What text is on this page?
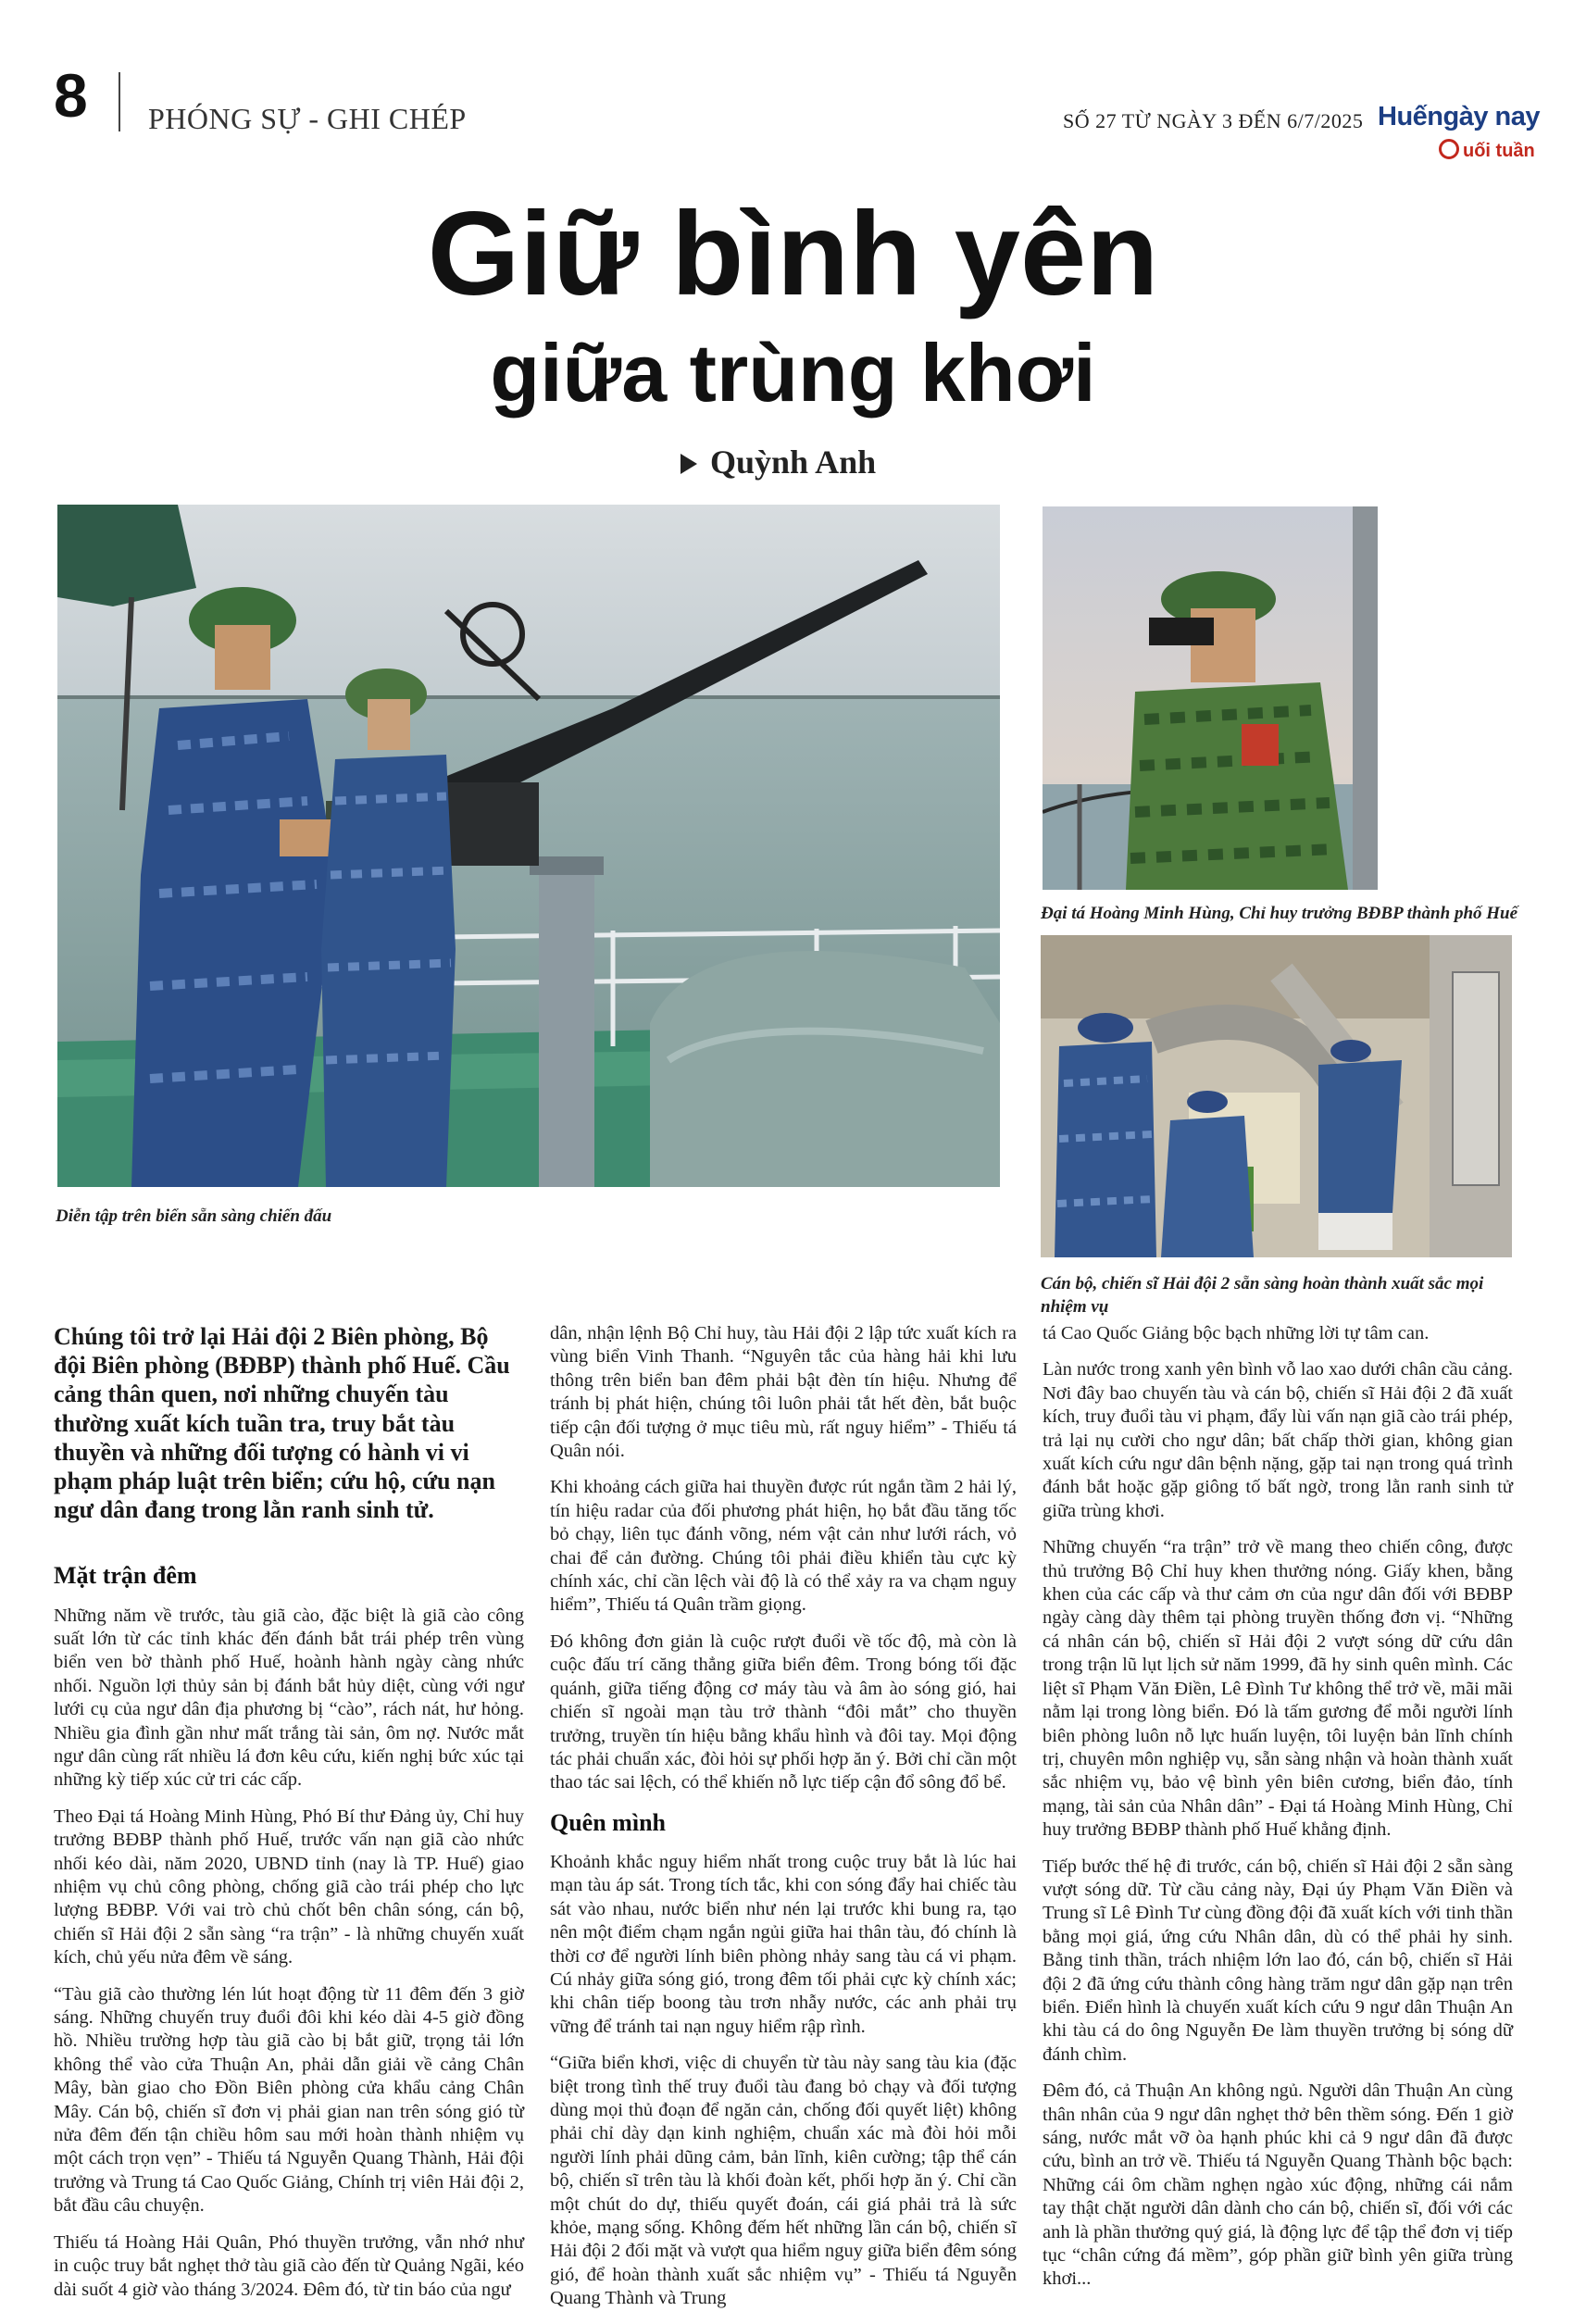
8 PHÓNG SỰ - GHI CHÉP	SỐ 27 TỪ NGÀY 3 ĐẾN 6/7/2025 Huếngày nay
uối tuần
Giữ bình yên
giữa trùng khơi
Quỳnh Anh
Diễn tập trên biển sẵn sàng chiến đấu
Đại tá Hoàng Minh Hùng, Chỉ huy trưởng BĐBP thành phố Huế
Cán bộ, chiến sĩ Hải đội 2 sẵn sàng hoàn thành xuất sắc mọi nhiệm vụ

Chúng tôi trở lại Hải đội 2 Biên phòng, Bộ đội Biên phòng (BĐBP) thành phố Huế. Cầu cảng thân quen, nơi những chuyến tàu thường xuất kích tuần tra, truy bắt tàu thuyền và những đối tượng có hành vi vi phạm pháp luật trên biển; cứu hộ, cứu nạn ngư dân đang trong lằn ranh sinh tử.

Mặt trận đêm

Những năm về trước, tàu giã cào, đặc biệt là giã cào công suất lớn từ các tỉnh khác đến đánh bắt trái phép trên vùng biển ven bờ thành phố Huế, hoành hành ngày càng nhức nhối. Nguồn lợi thủy sản bị đánh bắt hủy diệt, cùng với ngư lưới cụ của ngư dân địa phương bị “cào”, rách nát, hư hỏng. Nhiều gia đình gần như mất trắng tài sản, ôm nợ. Nước mắt ngư dân cùng rất nhiều lá đơn kêu cứu, kiến nghị bức xúc tại những kỳ tiếp xúc cử tri các cấp.

Theo Đại tá Hoàng Minh Hùng, Phó Bí thư Đảng ủy, Chỉ huy trưởng BĐBP thành phố Huế, trước vấn nạn giã cào nhức nhối kéo dài, năm 2020, UBND tỉnh (nay là TP. Huế) giao nhiệm vụ chủ công phòng, chống giã cào trái phép cho lực lượng BĐBP. Với vai trò chủ chốt bên chân sóng, cán bộ, chiến sĩ Hải đội 2 sẵn sàng “ra trận” - là những chuyến xuất kích, chủ yếu nửa đêm về sáng.

“Tàu giã cào thường lén lút hoạt động từ 11 đêm đến 3 giờ sáng. Những chuyến truy đuổi đôi khi kéo dài 4-5 giờ đồng hồ. Nhiều trường hợp tàu giã cào bị bắt giữ, trọng tải lớn không thể vào cửa Thuận An, phải dẫn giải về cảng Chân Mây, bàn giao cho Đồn Biên phòng cửa khẩu cảng Chân Mây. Cán bộ, chiến sĩ đơn vị phải gian nan trên sóng gió từ nửa đêm đến tận chiều hôm sau mới hoàn thành nhiệm vụ một cách trọn vẹn” - Thiếu tá Nguyễn Quang Thành, Hải đội trưởng và Trung tá Cao Quốc Giảng, Chính trị viên Hải đội 2, bắt đầu câu chuyện.

Thiếu tá Hoàng Hải Quân, Phó thuyền trưởng, vẫn nhớ như in cuộc truy bắt nghẹt thở tàu giã cào đến từ Quảng Ngãi, kéo dài suốt 4 giờ vào tháng 3/2024. Đêm đó, từ tin báo của ngư

dân, nhận lệnh Bộ Chỉ huy, tàu Hải đội 2 lập tức xuất kích ra vùng biển Vinh Thanh. “Nguyên tắc của hàng hải khi lưu thông trên biển ban đêm phải bật đèn tín hiệu. Nhưng để tránh bị phát hiện, chúng tôi luôn phải tắt hết đèn, bắt buộc tiếp cận đối tượng ở mục tiêu mù, rất nguy hiểm” - Thiếu tá Quân nói.

Khi khoảng cách giữa hai thuyền được rút ngắn tầm 2 hải lý, tín hiệu radar của đối phương phát hiện, họ bắt đầu tăng tốc bỏ chạy, liên tục đánh võng, ném vật cản như lưới rách, vỏ chai để cản đường. Chúng tôi phải điều khiển tàu cực kỳ chính xác, chỉ cần lệch vài độ là có thể xảy ra va chạm nguy hiểm”, Thiếu tá Quân trầm giọng.

Đó không đơn giản là cuộc rượt đuổi về tốc độ, mà còn là cuộc đấu trí căng thẳng giữa biển đêm. Trong bóng tối đặc quánh, giữa tiếng động cơ máy tàu và âm ào sóng gió, hai chiến sĩ ngoài mạn tàu trở thành “đôi mắt” cho thuyền trưởng, truyền tín hiệu bằng khẩu hình và đôi tay. Mọi động tác phải chuẩn xác, đòi hỏi sự phối hợp ăn ý. Bởi chỉ cần một thao tác sai lệch, có thể khiến nỗ lực tiếp cận đổ sông đổ bể.

Quên mình

Khoảnh khắc nguy hiểm nhất trong cuộc truy bắt là lúc hai mạn tàu áp sát. Trong tích tắc, khi con sóng đẩy hai chiếc tàu sát vào nhau, nước biển như nén lại trước khi bung ra, tạo nên một điểm chạm ngắn ngủi giữa hai thân tàu, đó chính là thời cơ để người lính biên phòng nhảy sang tàu cá vi phạm. Cú nhảy giữa sóng gió, trong đêm tối phải cực kỳ chính xác; khi chân tiếp boong tàu trơn nhẫy nước, các anh phải trụ vững để tránh tai nạn nguy hiểm rập rình.

“Giữa biển khơi, việc di chuyển từ tàu này sang tàu kia (đặc biệt trong tình thế truy đuổi tàu đang bỏ chạy và đối tượng dùng mọi thủ đoạn để ngăn cản, chống đối quyết liệt) không phải chỉ dày dạn kinh nghiệm, chuẩn xác mà đòi hỏi mỗi người lính phải dũng cảm, bản lĩnh, kiên cường; tập thể cán bộ, chiến sĩ trên tàu là khối đoàn kết, phối hợp ăn ý. Chỉ cần một chút do dự, thiếu quyết đoán, cái giá phải trả là sức khỏe, mạng sống. Không đếm hết những lần cán bộ, chiến sĩ Hải đội 2 đối mặt và vượt qua hiểm nguy giữa biển đêm sóng gió, để hoàn thành xuất sắc nhiệm vụ” - Thiếu tá Nguyễn Quang Thành và Trung

tá Cao Quốc Giảng bộc bạch những lời tự tâm can.

Làn nước trong xanh yên bình vỗ lao xao dưới chân cầu cảng. Nơi đây bao chuyến tàu và cán bộ, chiến sĩ Hải đội 2 đã xuất kích, truy đuổi tàu vi phạm, đẩy lùi vấn nạn giã cào trái phép, trả lại nụ cười cho ngư dân; bất chấp thời gian, không gian xuất kích cứu ngư dân bệnh nặng, gặp tai nạn trong quá trình đánh bắt hoặc gặp giông tố bất ngờ, trong lằn ranh sinh tử giữa trùng khơi.

Những chuyến “ra trận” trở về mang theo chiến công, được thủ trưởng Bộ Chỉ huy khen thưởng nóng. Giấy khen, bằng khen của các cấp và thư cảm ơn của ngư dân đối với BĐBP ngày càng dày thêm tại phòng truyền thống đơn vị. “Những cá nhân cán bộ, chiến sĩ Hải đội 2 vượt sóng dữ cứu dân trong trận lũ lụt lịch sử năm 1999, đã hy sinh quên mình. Các liệt sĩ Phạm Văn Điền, Lê Đình Tư không thể trở về, mãi mãi nằm lại trong lòng biển. Đó là tấm gương để mỗi người lính biên phòng luôn nỗ lực huấn luyện, tôi luyện bản lĩnh chính trị, chuyên môn nghiệp vụ, sẵn sàng nhận và hoàn thành xuất sắc nhiệm vụ, bảo vệ bình yên biên cương, biển đảo, tính mạng, tài sản của Nhân dân” - Đại tá Hoàng Minh Hùng, Chỉ huy trưởng BĐBP thành phố Huế khẳng định.

Tiếp bước thế hệ đi trước, cán bộ, chiến sĩ Hải đội 2 sẵn sàng vượt sóng dữ. Từ cầu cảng này, Đại úy Phạm Văn Điền và Trung sĩ Lê Đình Tư cùng đồng đội đã xuất kích với tinh thần bằng mọi giá, ứng cứu Nhân dân, dù có thể phải hy sinh. Bằng tinh thần, trách nhiệm lớn lao đó, cán bộ, chiến sĩ Hải đội 2 đã ứng cứu thành công hàng trăm ngư dân gặp nạn trên biển. Điển hình là chuyến xuất kích cứu 9 ngư dân Thuận An khi tàu cá do ông Nguyễn Đe làm thuyền trưởng bị sóng dữ đánh chìm.

Đêm đó, cả Thuận An không ngủ. Người dân Thuận An cùng thân nhân của 9 ngư dân nghẹt thở bên thềm sóng. Đến 1 giờ sáng, nước mắt vỡ òa hạnh phúc khi cả 9 ngư dân đã được cứu, bình an trở về. Thiếu tá Nguyễn Quang Thành bộc bạch: Những cái ôm chầm nghẹn ngào xúc động, những cái nắm tay thật chặt người dân dành cho cán bộ, chiến sĩ, đối với các anh là phần thưởng quý giá, là động lực để tập thể đơn vị tiếp tục “chân cứng đá mềm”, góp phần giữ bình yên giữa trùng khơi...
